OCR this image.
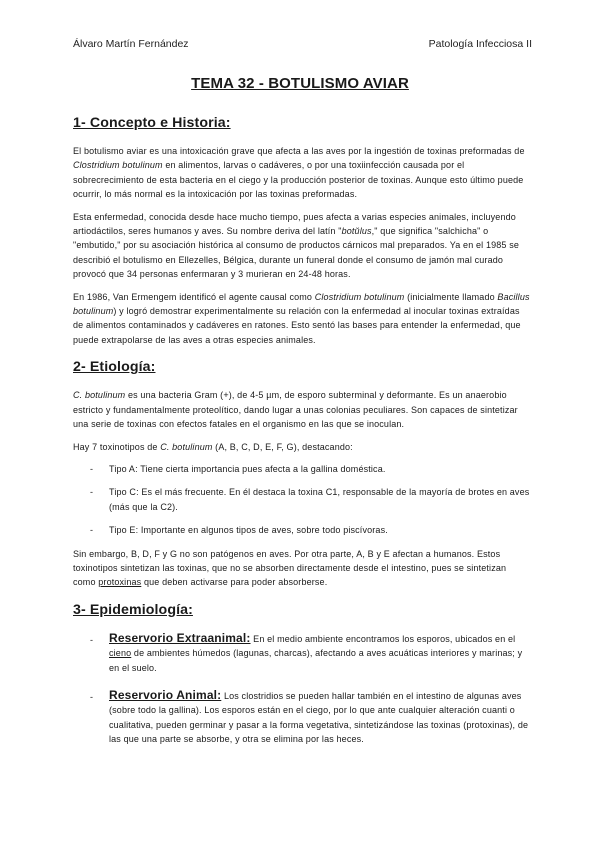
Álvaro Martín Fernández	Patología Infecciosa II
TEMA 32 - BOTULISMO AVIAR
1- Concepto e Historia:

El botulismo aviar es una intoxicación grave que afecta a las aves por la ingestión de toxinas preformadas de Clostridium botulinum en alimentos, larvas o cadáveres, o por una toxiinfección causada por el sobrecrecimiento de esta bacteria en el ciego y la producción posterior de toxinas. Aunque esto último puede ocurrir, lo más normal es la intoxicación por las toxinas preformadas.

Esta enfermedad, conocida desde hace mucho tiempo, pues afecta a varias especies animales, incluyendo artiodáctilos, seres humanos y aves. Su nombre deriva del latín "botŭlus," que significa "salchicha" o "embutido," por su asociación histórica al consumo de productos cárnicos mal preparados. Ya en el 1985 se describió el botulismo en Ellezelles, Bélgica, durante un funeral donde el consumo de jamón mal curado provocó que 34 personas enfermaran y 3 murieran en 24-48 horas.

En 1986, Van Ermengem identificó el agente causal como Clostridium botulinum (inicialmente llamado Bacillus botulinum) y logró demostrar experimentalmente su relación con la enfermedad al inocular toxinas extraídas de alimentos contaminados y cadáveres en ratones. Esto sentó las bases para entender la enfermedad, que puede extrapolarse de las aves a otras especies animales.

2- Etiología:

C. botulinum es una bacteria Gram (+), de 4-5 µm, de esporo subterminal y deformante. Es un anaerobio estricto y fundamentalmente proteolítico, dando lugar a unas colonias peculiares. Son capaces de sintetizar una serie de toxinas con efectos fatales en el organismo en las que se inoculan.

Hay 7 toxinotipos de C. botulinum (A, B, C, D, E, F, G), destacando:

- Tipo A: Tiene cierta importancia pues afecta a la gallina doméstica.
- Tipo C: Es el más frecuente. En él destaca la toxina C1, responsable de la mayoría de brotes en aves (más que la C2).
- Tipo E: Importante en algunos tipos de aves, sobre todo piscívoras.

Sin embargo, B, D, F y G no son patógenos en aves. Por otra parte, A, B y E afectan a humanos. Estos toxinotipos sintetizan las toxinas, que no se absorben directamente desde el intestino, pues se sintetizan como protoxinas que deben activarse para poder absorberse.

3- Epidemiología:
- Reservorio Extraanimal: En el medio ambiente encontramos los esporos, ubicados en el cieno de ambientes húmedos (lagunas, charcas), afectando a aves acuáticas interiores y marinas; y en el suelo.
- Reservorio Animal: Los clostridios se pueden hallar también en el intestino de algunas aves (sobre todo la gallina). Los esporos están en el ciego, por lo que ante cualquier alteración cuanti o cualitativa, pueden germinar y pasar a la forma vegetativa, sintetizándose las toxinas (protoxinas), de las que una parte se absorbe, y otra se elimina por las heces.
